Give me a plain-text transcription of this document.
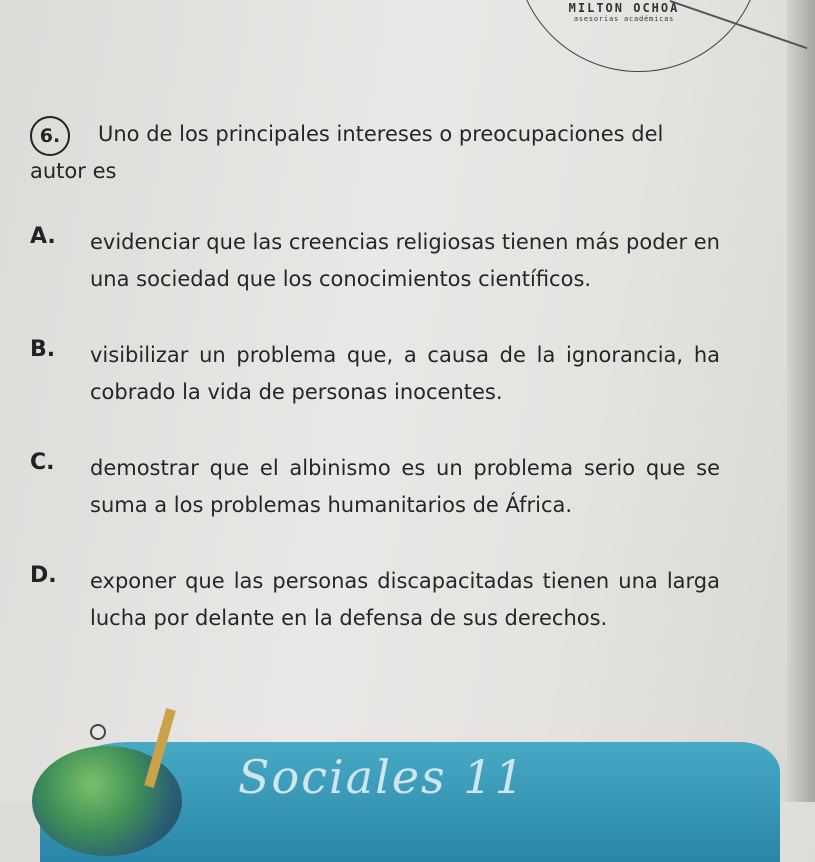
MILTON OCHOA
asesorías académicas
6.	Uno de los principales intereses o preocupaciones del autor es
A. evidenciar que las creencias religiosas tienen más poder en una sociedad que los conocimientos científicos.
B. visibilizar un problema que, a causa de la ignorancia, ha cobrado la vida de personas inocentes.
C. demostrar que el albinismo es un problema serio que se suma a los problemas humanitarios de África.
D. exponer que las personas discapacitadas tienen una larga lucha por delante en la defensa de sus derechos.
Sociales 11
